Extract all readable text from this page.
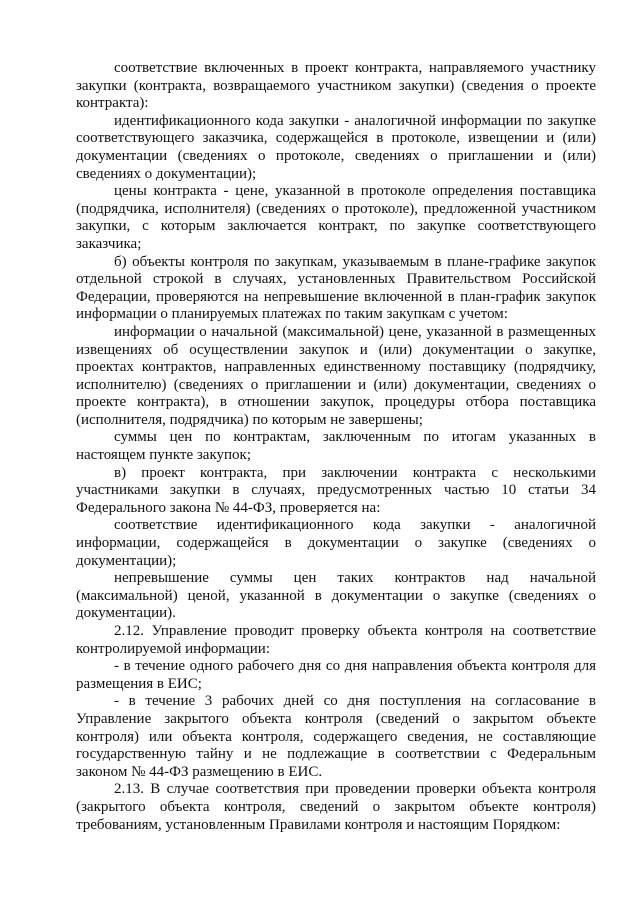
соответствие включенных в проект контракта, направляемого участнику закупки (контракта, возвращаемого участником закупки) (сведения о проекте контракта):

идентификационного кода закупки - аналогичной информации по закупке соответствующего заказчика, содержащейся в протоколе, извещении и (или) документации (сведениях о протоколе, сведениях о приглашении и (или) сведениях о документации);

цены контракта - цене, указанной в протоколе определения поставщика (подрядчика, исполнителя) (сведениях о протоколе), предложенной участником закупки, с которым заключается контракт, по закупке соответствующего заказчика;

б) объекты контроля по закупкам, указываемым в плане-графике закупок отдельной строкой в случаях, установленных Правительством Российской Федерации, проверяются на непревышение включенной в план-график закупок информации о планируемых платежах по таким закупкам с учетом:

информации о начальной (максимальной) цене, указанной в размещенных извещениях об осуществлении закупок и (или) документации о закупке, проектах контрактов, направленных единственному поставщику (подрядчику, исполнителю) (сведениях о приглашении и (или) документации, сведениях о проекте контракта), в отношении закупок, процедуры отбора поставщика (исполнителя, подрядчика) по которым не завершены;

суммы цен по контрактам, заключенным по итогам указанных в настоящем пункте закупок;

в) проект контракта, при заключении контракта с несколькими участниками закупки в случаях, предусмотренных частью 10 статьи 34 Федерального закона № 44-ФЗ, проверяется на:

соответствие идентификационного кода закупки - аналогичной информации, содержащейся в документации о закупке (сведениях о документации);

непревышение суммы цен таких контрактов над начальной (максимальной) ценой, указанной в документации о закупке (сведениях о документации).

2.12. Управление проводит проверку объекта контроля на соответствие контролируемой информации:

- в течение одного рабочего дня со дня направления объекта контроля для размещения в ЕИС;

- в течение 3 рабочих дней со дня поступления на согласование в Управление закрытого объекта контроля (сведений о закрытом объекте контроля) или объекта контроля, содержащего сведения, не составляющие государственную тайну и не подлежащие в соответствии с Федеральным законом № 44-ФЗ размещению в ЕИС.

2.13. В случае соответствия при проведении проверки объекта контроля (закрытого объекта контроля, сведений о закрытом объекте контроля) требованиям, установленным Правилами контроля и настоящим Порядком:
